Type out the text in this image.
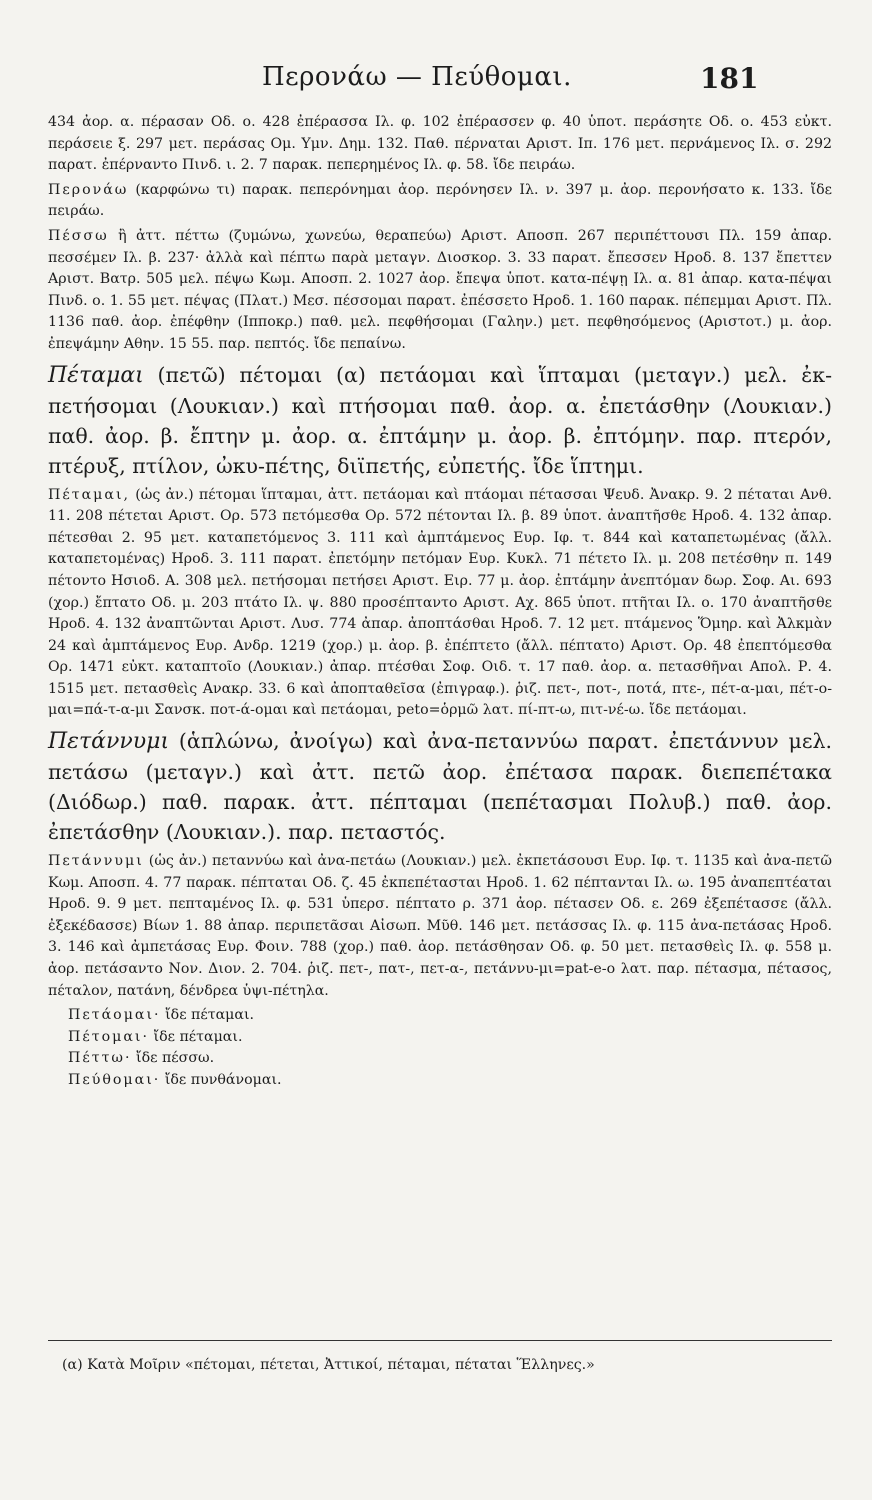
Περονάω — Πεύθομαι.	181

434 ἀορ. α. πέρασαν Οδ. ο. 428 ἐπέρασσα Ιλ. φ. 102 ἐπέρασσεν φ. 40 ὑποτ. περάσητε Οδ. ο. 453 εὐκτ. περάσειε ξ. 297 μετ. περάσας Ομ. Υμν. Δημ. 132. Παθ. πέρναται Αριστ. Ιπ. 176 μετ. περνάμενος Ιλ. σ. 292 παρατ. ἐπέρναντο Πινδ. ι. 2. 7 παρακ. πεπερημένος Ιλ. φ. 58. ἴδε πειράω.

Περονάω (καρφώνω τι) παρακ. πεπερόνημαι ἀορ. περόνησεν Ιλ. ν. 397 μ. ἀορ. περονήσατο κ. 133. ἴδε πειράω.

Πέσσω ἢ ἀττ. πέττω (ζυμώνω, χωνεύω, θεραπεύω) Αριστ. Αποσπ. 267 περιπέττουσι Πλ. 159 ἀπαρ. πεσσέμεν Ιλ. β. 237· ἀλλὰ καὶ πέπτω παρὰ μεταγν. Διοσκορ. 3. 33 παρατ. ἔπεσσεν Ηροδ. 8. 137 ἔπεττεν Αριστ. Βατρ. 505 μελ. πέψω Κωμ. Αποσπ. 2. 1027 ἀορ. ἔπεψα ὑποτ. κατα-πέψῃ Ιλ. α. 81 ἀπαρ. κατα-πέψαι Πινδ. ο. 1. 55 μετ. πέψας (Πλατ.) Μεσ. πέσσομαι παρατ. ἐπέσσετο Ηροδ. 1. 160 παρακ. πέπεμμαι Αριστ. Πλ. 1136 παθ. ἀορ. ἐπέφθην (Ιπποκρ.) παθ. μελ. πεφθήσομαι (Γαλην.) μετ. πεφθησόμενος (Αριστοτ.) μ. ἀορ. ἐπεψάμην Αθην. 15 55. παρ. πεπτός. ἴδε πεπαίνω.

Πέταμαι (πετῶ) πέτομαι (α) πετάομαι καὶ ἵπταμαι (μεταγν.) μελ. ἐκ-πετήσομαι (Λουκιαν.) καὶ πτήσομαι παθ. ἀορ. α. ἐπετάσθην (Λουκιαν.) παθ. ἀορ. β. ἔπτην μ. ἀορ. α. ἐπτάμην μ. ἀορ. β. ἐπτόμην. παρ. πτερόν, πτέρυξ, πτίλον, ὠκυ-πέτης, διϊπετής, εὐπετής. ἴδε ἵπτημι.

Πέταμαι, (ὡς ἀν.) πέτομαι ἵπταμαι, ἀττ. πετάομαι καὶ πτάομαι πέτασσαι Ψευδ. Ἀνακρ. 9. 2 πέταται Ανθ. 11. 208 πέτεται Αριστ. Ορ. 573 πετόμεσθα Ορ. 572 πέτονται Ιλ. β. 89 ὑποτ. ἀναπτῆσθε Ηροδ. 4. 132 ἀπαρ. πέτεσθαι 2. 95 μετ. καταπετόμενος 3. 111 καὶ ἀμπτάμενος Ευρ. Ιφ. τ. 844 καὶ καταπετωμένας (ἄλλ. καταπετομένας) Ηροδ. 3. 111 παρατ. ἐπετόμην πετόμαν Ευρ. Κυκλ. 71 πέτετο Ιλ. μ. 208 πετέσθην π. 149 πέτοντο Ησιοδ. Α. 308 μελ. πετήσομαι πετήσει Αριστ. Ειρ. 77 μ. ἀορ. ἐπτάμην ἀνεπτόμαν δωρ. Σοφ. Αι. 693 (χορ.) ἔπτατο Οδ. μ. 203 πτάτο Ιλ. ψ. 880 προσέπταντο Αριστ. Αχ. 865 ὑποτ. πτῆται Ιλ. ο. 170 ἀναπτῆσθε Ηροδ. 4. 132 ἀναπτῶνται Αριστ. Λυσ. 774 ἀπαρ. ἀποπτάσθαι Ηροδ. 7. 12 μετ. πτάμενος Ὅμηρ. καὶ Ἀλκμὰν 24 καὶ ἀμπτάμενος Ευρ. Ανδρ. 1219 (χορ.) μ. ἀορ. β. ἐπέπτετο (ἄλλ. πέπτατο) Αριστ. Ορ. 48 ἐπεπτόμεσθα Ορ. 1471 εὐκτ. καταπτοῖο (Λουκιαν.) ἀπαρ. πτέσθαι Σοφ. Οιδ. τ. 17 παθ. ἀορ. α. πετασθῆναι Απολ. Ρ. 4. 1515 μετ. πετασθεὶς Ανακρ. 33. 6 καὶ ἀποπταθεῖσα (ἐπιγραφ.). ῥιζ. πετ-, ποτ-, ποτά, πτε-, πέτ-α-μαι, πέτ-ο-μαι=πά-τ-α-μι Σανσκ. ποτ-ά-ομαι καὶ πετάομαι, peto=ὁρμῶ λατ. πί-πτ-ω, πιτ-νέ-ω. ἴδε πετάομαι.

Πετάννυμι (ἁπλώνω, ἀνοίγω) καὶ ἀνα-πεταννύω παρατ. ἐπετάννυν μελ. πετάσω (μεταγν.) καὶ ἀττ. πετῶ ἀορ. ἐπέτασα παρακ. διεπεπέτακα (Διόδωρ.) παθ. παρακ. ἀττ. πέπταμαι (πεπέτασμαι Πολυβ.) παθ. ἀορ. ἐπετάσθην (Λουκιαν.). παρ. πεταστός.

Πετάννυμι (ὡς ἀν.) πεταννύω καὶ ἀνα-πετάω (Λουκιαν.) μελ. ἐκπετάσουσι Ευρ. Ιφ. τ. 1135 καὶ ἀνα-πετῶ Κωμ. Αποσπ. 4. 77 παρακ. πέπταται Οδ. ζ. 45 ἐκπεπέτασται Ηροδ. 1. 62 πέπτανται Ιλ. ω. 195 ἀναπεπτέαται Ηροδ. 9. 9 μετ. πεπταμένος Ιλ. φ. 531 ὑπερσ. πέπτατο ρ. 371 ἀορ. πέτασεν Οδ. ε. 269 ἐξεπέτασσε (ἄλλ. ἐξεκέδασσε) Βίων 1. 88 ἀπαρ. περιπετᾶσαι Αἰσωπ. Μῦθ. 146 μετ. πετάσσας Ιλ. φ. 115 ἀνα-πετάσας Ηροδ. 3. 146 καὶ ἀμπετάσας Ευρ. Φοιν. 788 (χορ.) παθ. ἀορ. πετάσθησαν Οδ. φ. 50 μετ. πετασθεὶς Ιλ. φ. 558 μ. ἀορ. πετάσαντο Νον. Διον. 2. 704. ῥιζ. πετ-, πατ-, πετ-α-, πετάννυ-μι=pat-e-o λατ. παρ. πέτασμα, πέτασος, πέταλον, πατάνη, δένδρεα ὑψι-πέτηλα.

Πετάομαι· ἴδε πέταμαι.

Πέτομαι· ἴδε πέταμαι.

Πέττω· ἴδε πέσσω.

Πεύθομαι· ἴδε πυνθάνομαι.

(α) Κατὰ Μοῖριν «πέτομαι, πέτεται, Ἀττικοί, πέταμαι, πέταται Ἕλληνες.»
